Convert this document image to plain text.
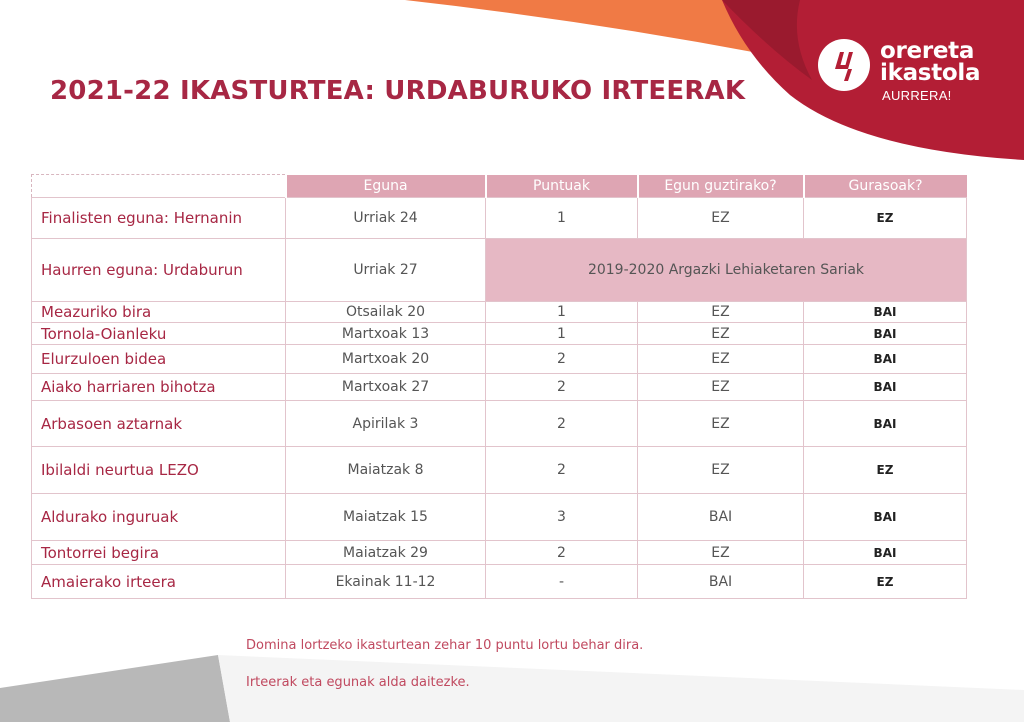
orereta
ikastola
AURRERA!
2021-22 IKASTURTEA: URDABURUKO IRTEERAK
	Eguna	Puntuak	Egun guztirako?	Gurasoak?
Finalisten eguna: Hernanin	Urriak 24	1	EZ	EZ
Haurren eguna: Urdaburun	Urriak 27	2019-2020 Argazki Lehiaketaren Sariak		
Meazuriko bira	Otsailak 20	1	EZ	BAI
Tornola-Oianleku	Martxoak 13	1	EZ	BAI
Elurzuloen bidea	Martxoak 20	2	EZ	BAI
Aiako harriaren bihotza	Martxoak 27	2	EZ	BAI
Arbasoen aztarnak	Apirilak 3	2	EZ	BAI
Ibilaldi neurtua LEZO	Maiatzak 8	2	EZ	EZ
Aldurako inguruak	Maiatzak 15	3	BAI	BAI
Tontorrei begira	Maiatzak 29	2	EZ	BAI
Amaierako irteera	Ekainak 11-12	-	BAI	EZ

Domina lortzeko ikasturtean zehar 10 puntu lortu behar dira.

Irteerak eta egunak alda daitezke.
